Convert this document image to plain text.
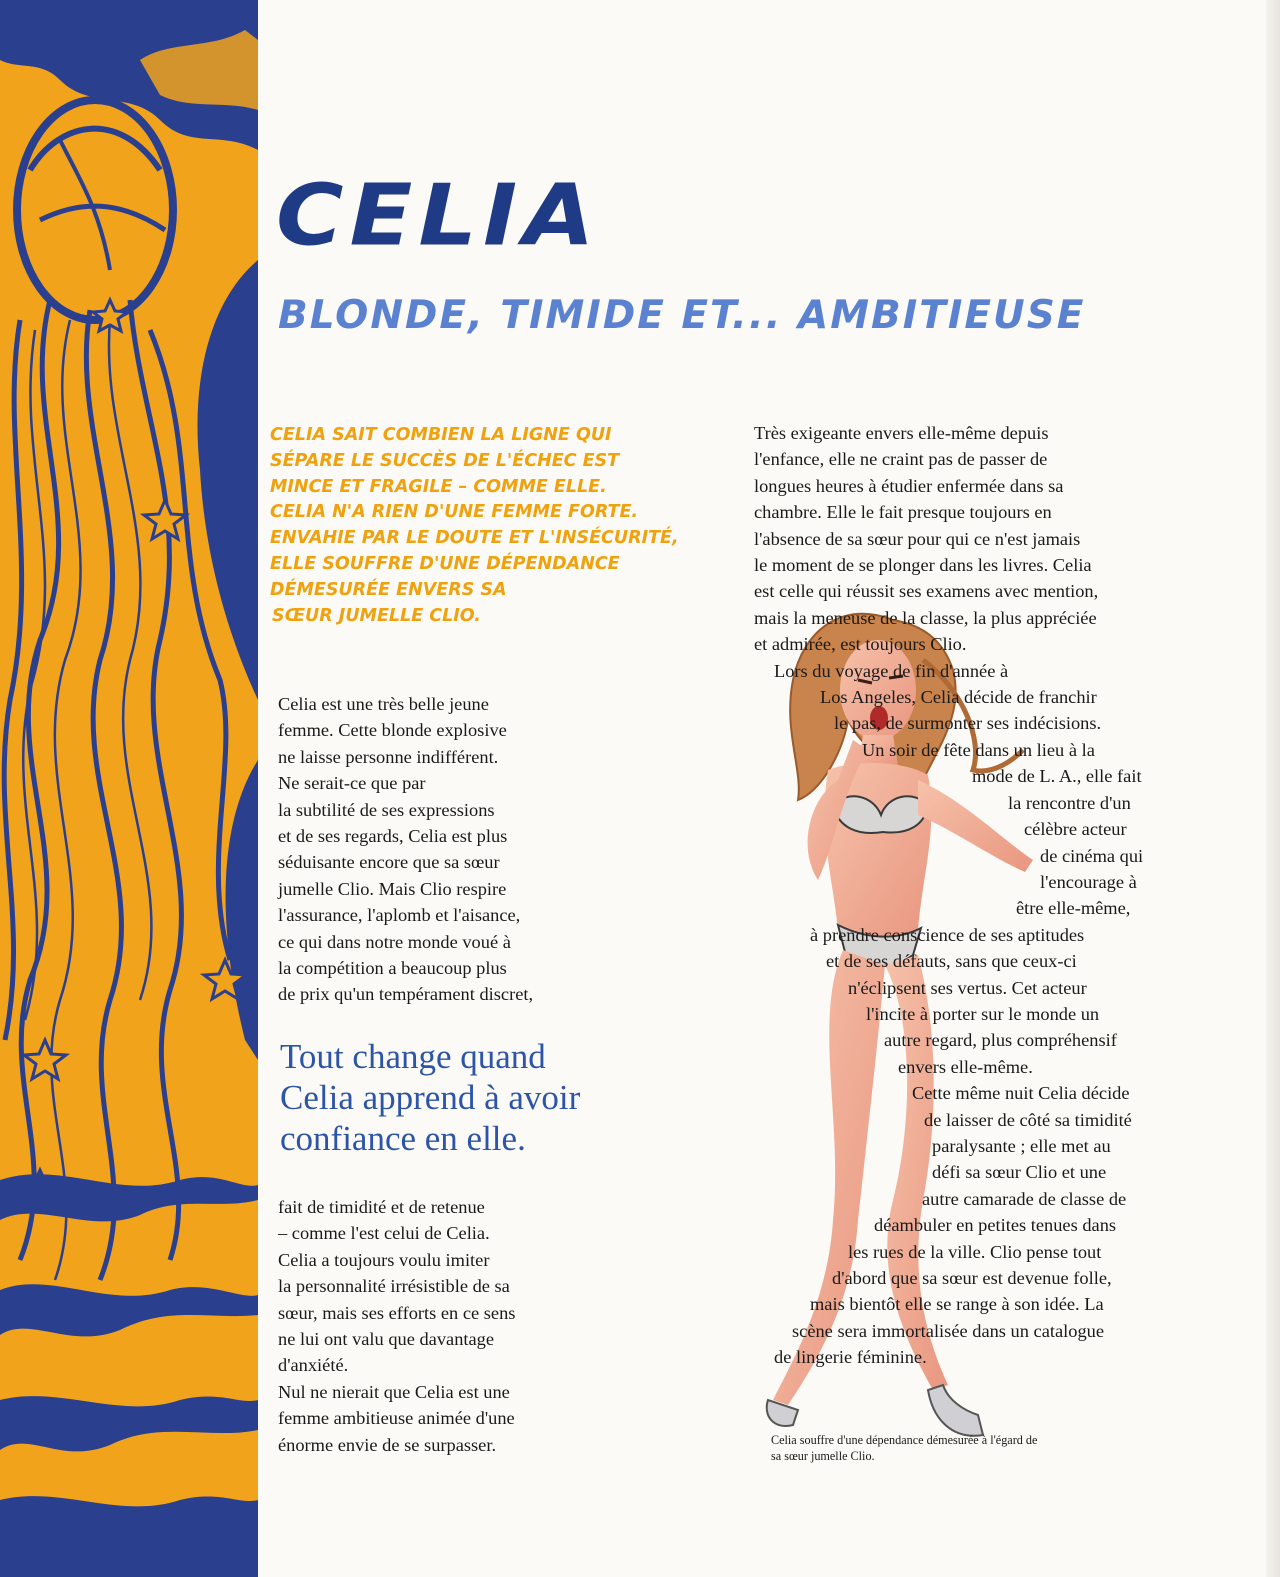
CELIA
BLONDE, TIMIDE ET... AMBITIEUSE
CELIA SAIT COMBIEN LA LIGNE QUI
SÉPARE LE SUCCÈS DE L'ÉCHEC EST
MINCE ET FRAGILE – COMME ELLE.
CELIA N'A RIEN D'UNE FEMME FORTE.
ENVAHIE PAR LE DOUTE ET L'INSÉCURITÉ,
ELLE SOUFFRE D'UNE DÉPENDANCE
DÉMESURÉE ENVERS SA
SŒUR JUMELLE CLIO.
Celia est une très belle jeune
femme. Cette blonde explosive
ne laisse personne indifférent.
Ne serait-ce que par
la subtilité de ses expressions
et de ses regards, Celia est plus
séduisante encore que sa sœur
jumelle Clio. Mais Clio respire
l'assurance, l'aplomb et l'aisance,
ce qui dans notre monde voué à
la compétition a beaucoup plus
de prix qu'un tempérament discret,
Tout change quand
Celia apprend à avoir
confiance en elle.
fait de timidité et de retenue
– comme l'est celui de Celia.
Celia a toujours voulu imiter
la personnalité irrésistible de sa
sœur, mais ses efforts en ce sens
ne lui ont valu que davantage
d'anxiété.
Nul ne nierait que Celia est une
femme ambitieuse animée d'une
énorme envie de se surpasser.
Très exigeante envers elle-même depuis
l'enfance, elle ne craint pas de passer de
longues heures à étudier enfermée dans sa
chambre. Elle le fait presque toujours en
l'absence de sa sœur pour qui ce n'est jamais
le moment de se plonger dans les livres. Celia
est celle qui réussit ses examens avec mention,
mais la meneuse de la classe, la plus appréciée
et admirée, est toujours Clio.
Lors du voyage de fin d'année à
Los Angeles, Celia décide de franchir
le pas, de surmonter ses indécisions.
Un soir de fête dans un lieu à la
mode de L. A., elle fait
la rencontre d'un
célèbre acteur
de cinéma qui
l'encourage à
être elle-même,
à prendre conscience de ses aptitudes
et de ses défauts, sans que ceux-ci
n'éclipsent ses vertus. Cet acteur
l'incite à porter sur le monde un
autre regard, plus compréhensif
envers elle-même.
Cette même nuit Celia décide
de laisser de côté sa timidité
paralysante ; elle met au
défi sa sœur Clio et une
autre camarade de classe de
déambuler en petites tenues dans
les rues de la ville. Clio pense tout
d'abord que sa sœur est devenue folle,
mais bientôt elle se range à son idée. La
scène sera immortalisée dans un catalogue
de lingerie féminine.
Celia souffre d'une dépendance démesurée à l'égard de
sa sœur jumelle Clio.
